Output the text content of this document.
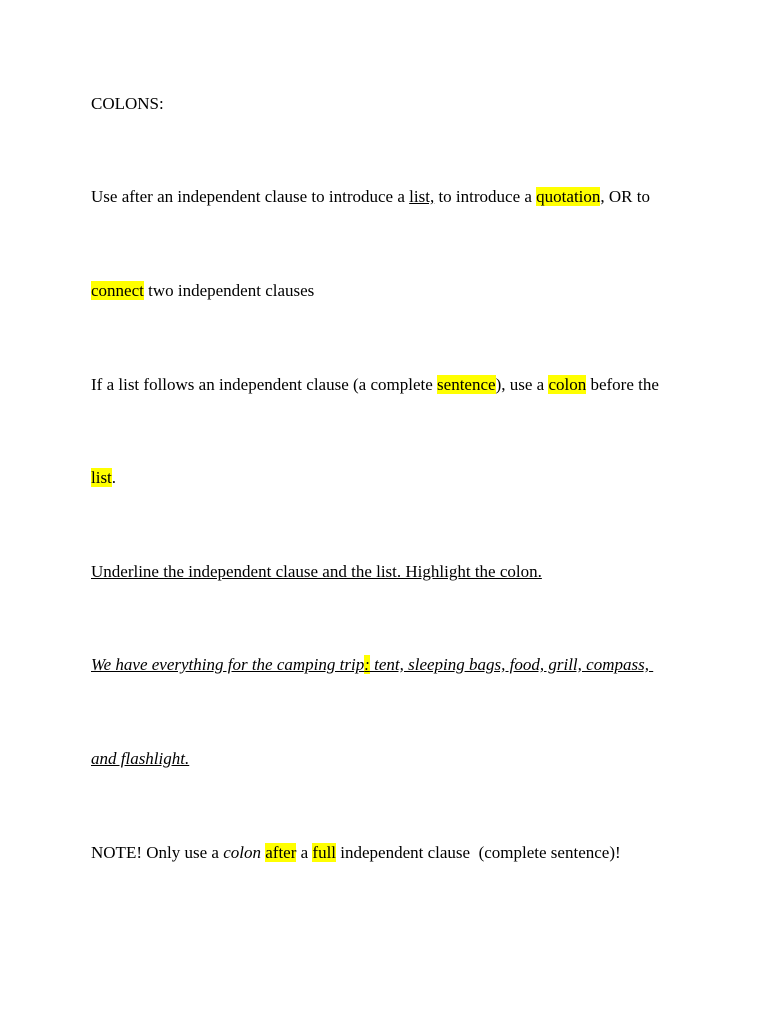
COLONS:
Use after an independent clause to introduce a list, to introduce a quotation, OR to
connect two independent clauses
If a list follows an independent clause (a complete sentence), use a colon before the
list.
Underline the independent clause and the list. Highlight the colon.
We have everything for the camping trip: tent, sleeping bags, food, grill, compass,
and flashlight.
NOTE! Only use a colon after a full independent clause  (complete sentence)!
